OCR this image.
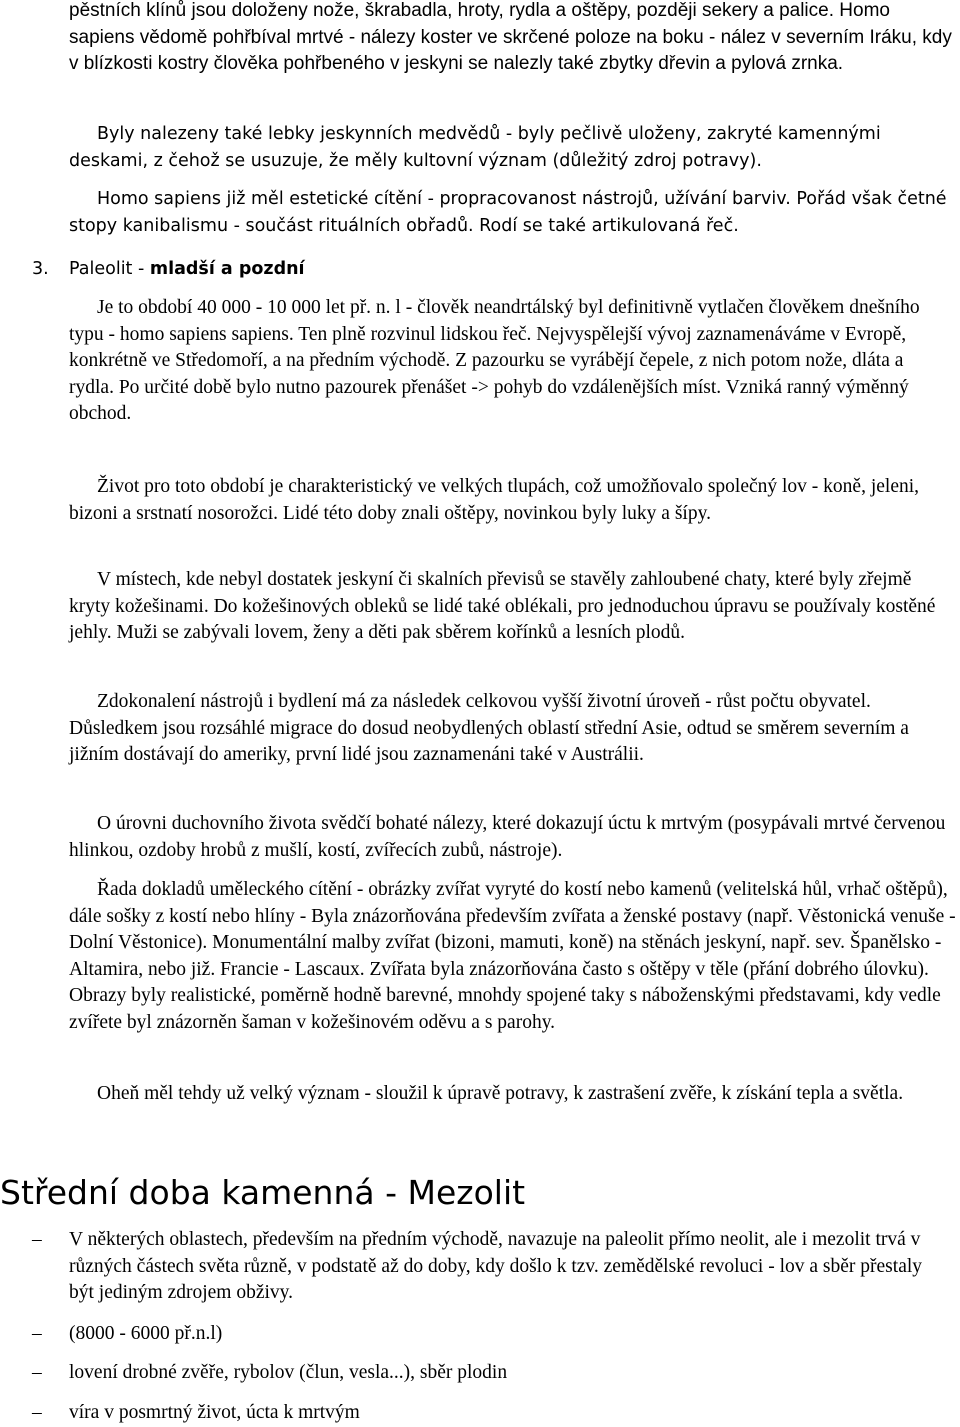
pěstních klínů jsou doloženy nože, škrabadla, hroty, rydla a oštěpy, později sekery a palice. Homo sapiens vědomě pohřbíval mrtvé - nálezy koster ve skrčené poloze na boku - nález v severním Iráku, kdy v blízkosti kostry člověka pohřbeného v jeskyni se nalezly také zbytky dřevin a pylová zrnka.

Byly nalezeny také lebky jeskynních medvědů - byly pečlivě uloženy, zakryté kamennými deskami, z čehož se usuzuje, že měly kultovní význam (důležitý zdroj potravy).

Homo sapiens již měl estetické cítění - propracovanost nástrojů, užívání barviv. Pořád však četné stopy kanibalismu - součást rituálních obřadů. Rodí se také artikulovaná řeč.

3. Paleolit - mladší a pozdní

Je to období 40 000 - 10 000 let př. n. l - člověk neandrtálský byl definitivně vytlačen člověkem dnešního typu - homo sapiens sapiens. Ten plně rozvinul lidskou řeč. Nejvyspělejší vývoj zaznamenáváme v Evropě, konkrétně ve Středomoří, a na předním východě. Z pazourku se vyrábějí čepele, z nich potom nože, dláta a rydla. Po určité době bylo nutno pazourek přenášet -> pohyb do vzdálenějších míst. Vzniká ranný výměnný obchod.

Život pro toto období je charakteristický ve velkých tlupách, což umožňovalo společný lov - koně, jeleni, bizoni a srstnatí nosorožci. Lidé této doby znali oštěpy, novinkou byly luky a šípy.

V místech, kde nebyl dostatek jeskyní či skalních převisů se stavěly zahloubené chaty, které byly zřejmě kryty kožešinami. Do kožešinových obleků se lidé také oblékali, pro jednoduchou úpravu se používaly kostěné jehly. Muži se zabývali lovem, ženy a děti pak sběrem kořínků a lesních plodů.

Zdokonalení nástrojů i bydlení má za následek celkovou vyšší životní úroveň - růst počtu obyvatel. Důsledkem jsou rozsáhlé migrace do dosud neobydlených oblastí střední Asie, odtud se směrem severním a jižním dostávají do ameriky, první lidé jsou zaznamenáni také v Austrálii.

O úrovni duchovního života svědčí bohaté nálezy, které dokazují úctu k mrtvým (posypávali mrtvé červenou hlinkou, ozdoby hrobů z mušlí, kostí, zvířecích zubů, nástroje).

Řada dokladů uměleckého cítění - obrázky zvířat vyryté do kostí nebo kamenů (velitelská hůl, vrhač oštěpů), dále sošky z kostí nebo hlíny - Byla znázorňována především zvířata a ženské postavy (např. Věstonická venuše - Dolní Věstonice). Monumentální malby zvířat (bizoni, mamuti, koně) na stěnách jeskyní, např. sev. Španělsko - Altamira, nebo již. Francie - Lascaux. Zvířata byla znázorňována často s oštěpy v těle (přání dobrého úlovku). Obrazy byly realistické, poměrně hodně barevné, mnohdy spojené taky s náboženskými představami, kdy vedle zvířete byl znázorněn šaman v kožešinovém oděvu a s parohy.

Oheň měl tehdy už velký význam - sloužil k úpravě potravy, k zastrašení zvěře, k získání tepla a světla.

Střední doba kamenná - Mezolit
– V některých oblastech, především na předním východě, navazuje na paleolit přímo neolit, ale i mezolit trvá v různých částech světa různě, v podstatě až do doby, kdy došlo k tzv. zemědělské revoluci - lov a sběr přestaly být jediným zdrojem obživy.

– (8000 - 6000 př.n.l)

– lovení drobné zvěře, rybolov (člun, vesla...), sběr plodin

– víra v posmrtný život, úcta k mrtvým
